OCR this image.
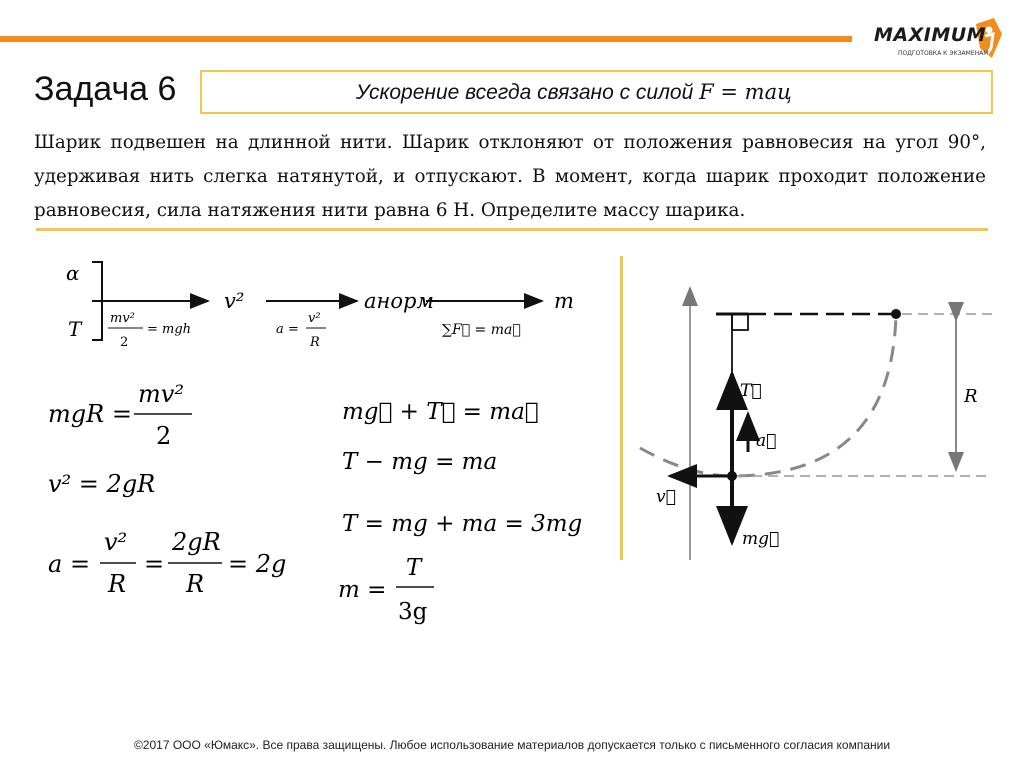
MAXIMUM
ПОДГОТОВКА К ЭКЗАМЕНАМ
Задача 6	Ускорение всегда связано с силой F = maц
Шарик подвешен на длинной нити. Шарик отклоняют от положения равновесия на угол 90°, удерживая нить слегка натянутой, и отпускают. В момент, когда шарик проходит положение равновесия, сила натяжения нити равна 6 Н. Определите массу шарика.
α
T mv²
2
= mgh
v²
a =
v²
R
aнорм
∑F⃗ = ma⃗
m
mgR =
mv²
2
v² = 2gR
a =
v²
R
=
2gR
R
= 2g
mg⃗ + T⃗ = ma⃗
T − mg = ma
T = mg + ma = 3mg
m =
T
3g
R
T⃗
a⃗
v⃗
mg⃗
©2017 ООО «Юмакс». Все права защищены. Любое использование материалов допускается только с письменного согласия компании
